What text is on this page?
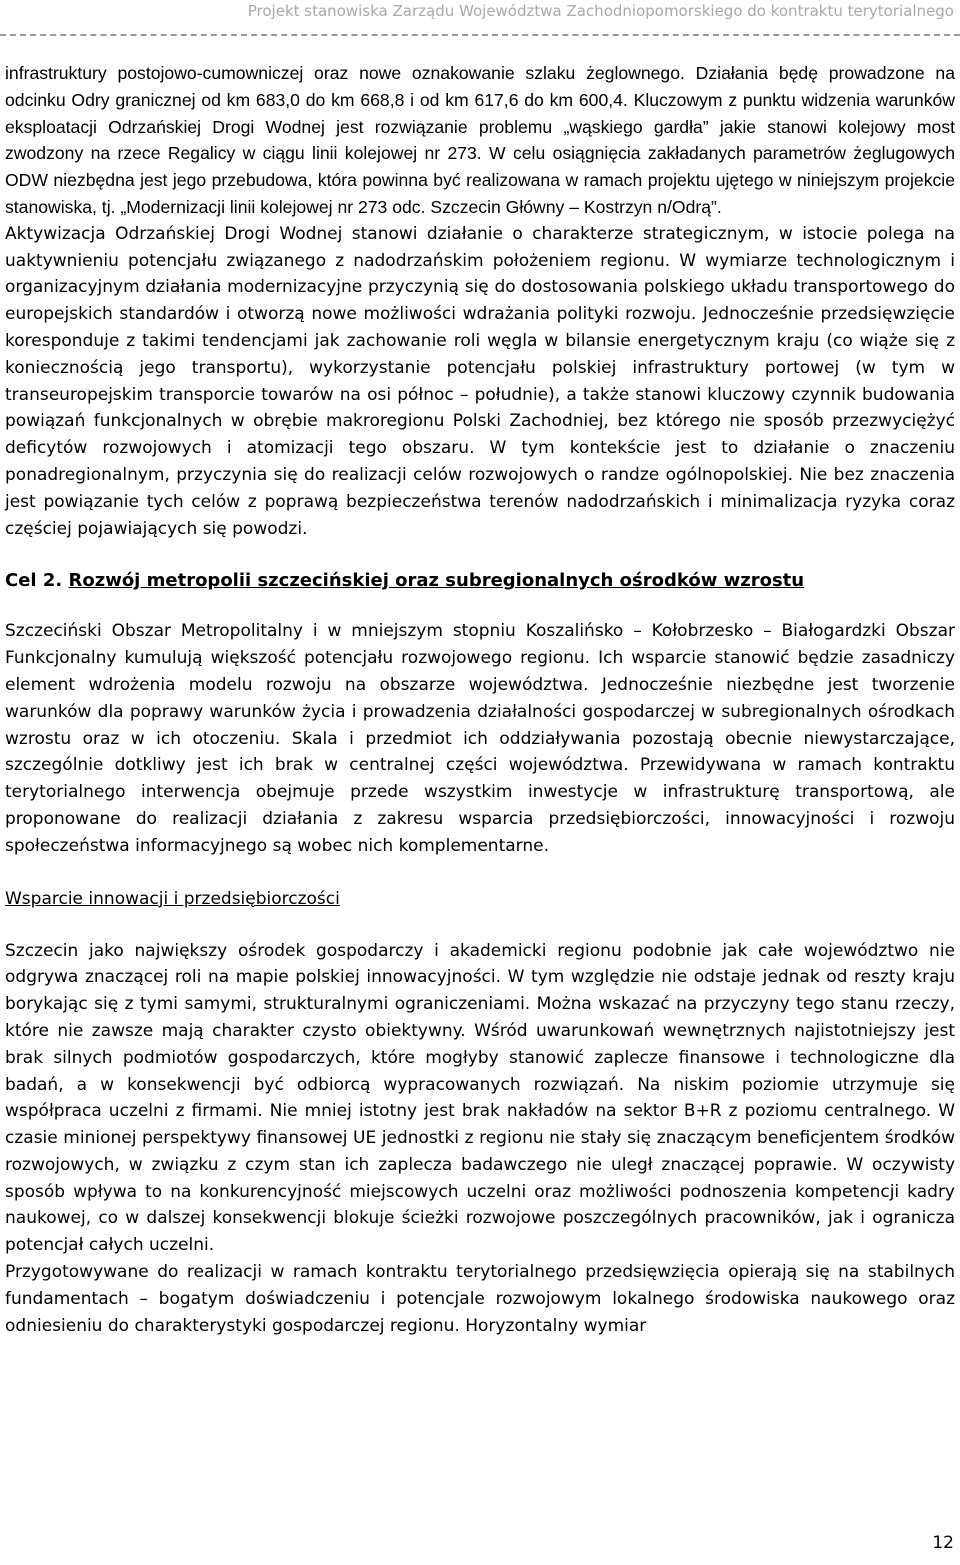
Projekt stanowiska Zarządu Województwa Zachodniopomorskiego do kontraktu terytorialnego

infrastruktury postojowo-cumowniczej oraz nowe oznakowanie szlaku żeglownego. Działania będę prowadzone na odcinku Odry granicznej od km 683,0 do km 668,8 i od km 617,6 do km 600,4. Kluczowym z punktu widzenia warunków eksploatacji Odrzańskiej Drogi Wodnej jest rozwiązanie problemu „wąskiego gardła” jakie stanowi kolejowy most zwodzony na rzece Regalicy w ciągu linii kolejowej nr 273. W celu osiągnięcia zakładanych parametrów żeglugowych ODW niezbędna jest jego przebudowa, która powinna być realizowana w ramach projektu ujętego w niniejszym projekcie stanowiska, tj. „Modernizacji linii kolejowej nr 273 odc. Szczecin Główny – Kostrzyn n/Odrą”.

Aktywizacja Odrzańskiej Drogi Wodnej stanowi działanie o charakterze strategicznym, w istocie polega na uaktywnieniu potencjału związanego z nadodrzańskim położeniem regionu. W wymiarze technologicznym i organizacyjnym działania modernizacyjne przyczynią się do dostosowania polskiego układu transportowego do europejskich standardów i otworzą nowe możliwości wdrażania polityki rozwoju. Jednocześnie przedsięwzięcie koresponduje z takimi tendencjami jak zachowanie roli węgla w bilansie energetycznym kraju (co wiąże się z koniecznością jego transportu), wykorzystanie potencjału polskiej infrastruktury portowej (w tym w transeuropejskim transporcie towarów na osi północ – południe), a także stanowi kluczowy czynnik budowania powiązań funkcjonalnych w obrębie makroregionu Polski Zachodniej, bez którego nie sposób przezwyciężyć deficytów rozwojowych i atomizacji tego obszaru. W tym kontekście jest to działanie o znaczeniu ponadregionalnym, przyczynia się do realizacji celów rozwojowych o randze ogólnopolskiej. Nie bez znaczenia jest powiązanie tych celów z poprawą bezpieczeństwa terenów nadodrzańskich i minimalizacja ryzyka coraz częściej pojawiających się powodzi.

Cel 2. Rozwój metropolii szczecińskiej oraz subregionalnych ośrodków wzrostu

Szczeciński Obszar Metropolitalny i w mniejszym stopniu Koszalińsko – Kołobrzesko – Białogardzki Obszar Funkcjonalny kumulują większość potencjału rozwojowego regionu. Ich wsparcie stanowić będzie zasadniczy element wdrożenia modelu rozwoju na obszarze województwa. Jednocześnie niezbędne jest tworzenie warunków dla poprawy warunków życia i prowadzenia działalności gospodarczej w subregionalnych ośrodkach wzrostu oraz w ich otoczeniu. Skala i przedmiot ich oddziaływania pozostają obecnie niewystarczające, szczególnie dotkliwy jest ich brak w centralnej części województwa. Przewidywana w ramach kontraktu terytorialnego interwencja obejmuje przede wszystkim inwestycje w infrastrukturę transportową, ale proponowane do realizacji działania z zakresu wsparcia przedsiębiorczości, innowacyjności i rozwoju społeczeństwa informacyjnego są wobec nich komplementarne.

Wsparcie innowacji i przedsiębiorczości

Szczecin jako największy ośrodek gospodarczy i akademicki regionu podobnie jak całe województwo nie odgrywa znaczącej roli na mapie polskiej innowacyjności. W tym względzie nie odstaje jednak od reszty kraju borykając się z tymi samymi, strukturalnymi ograniczeniami. Można wskazać na przyczyny tego stanu rzeczy, które nie zawsze mają charakter czysto obiektywny. Wśród uwarunkowań wewnętrznych najistotniejszy jest brak silnych podmiotów gospodarczych, które mogłyby stanowić zaplecze finansowe i technologiczne dla badań, a w konsekwencji być odbiorcą wypracowanych rozwiązań. Na niskim poziomie utrzymuje się współpraca uczelni z firmami. Nie mniej istotny jest brak nakładów na sektor B+R z poziomu centralnego. W czasie minionej perspektywy finansowej UE jednostki z regionu nie stały się znaczącym beneficjentem środków rozwojowych, w związku z czym stan ich zaplecza badawczego nie uległ znaczącej poprawie. W oczywisty sposób wpływa to na konkurencyjność miejscowych uczelni oraz możliwości podnoszenia kompetencji kadry naukowej, co w dalszej konsekwencji blokuje ścieżki rozwojowe poszczególnych pracowników, jak i ogranicza potencjał całych uczelni.

Przygotowywane do realizacji w ramach kontraktu terytorialnego przedsięwzięcia opierają się na stabilnych fundamentach – bogatym doświadczeniu i potencjale rozwojowym lokalnego środowiska naukowego oraz odniesieniu do charakterystyki gospodarczej regionu. Horyzontalny wymiar

12
